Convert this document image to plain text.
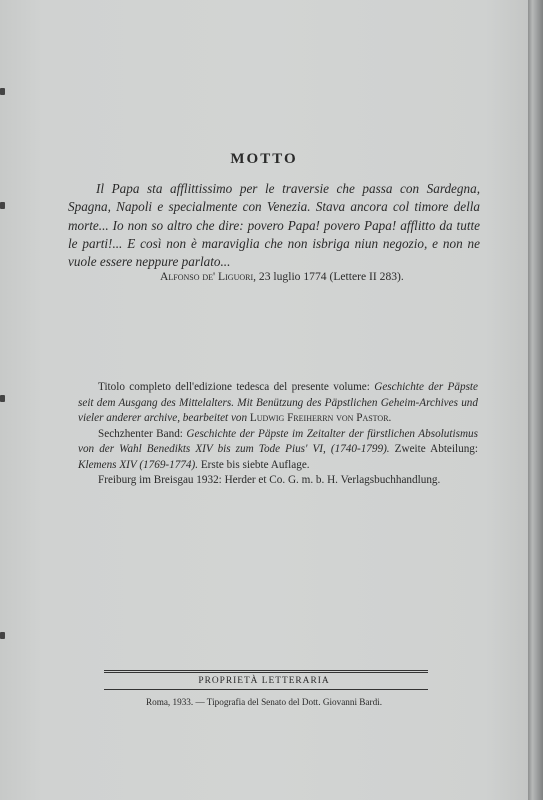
MOTTO

Il Papa sta afflittissimo per le traversie che passa con Sardegna, Spagna, Napoli e specialmente con Venezia. Stava ancora col timore della morte... Io non so altro che dire: povero Papa! povero Papa! afflitto da tutte le parti!... E così non è maraviglia che non isbriga niun negozio, e non ne vuole essere neppure parlato...

Alfonso de' Liguori, 23 luglio 1774 (Lettere II 283).

Titolo completo dell'edizione tedesca del presente volume: Geschichte der Päpste seit dem Ausgang des Mittelalters. Mit Benützung des Päpstlichen Geheim-Archives und vieler anderer archive, bearbeitet von Ludwig Freiherrn von Pastor.

Sechzhenter Band: Geschichte der Päpste im Zeitalter der fürstlichen Absolutismus von der Wahl Benedikts XIV bis zum Tode Pius' VI, (1740-1799). Zweite Abteilung: Klemens XIV (1769-1774). Erste bis siebte Auflage.

Freiburg im Breisgau 1932: Herder et Co. G. m. b. H. Verlagsbuchhandlung.

PROPRIETÀ LETTERARIA

Roma, 1933. — Tipografia del Senato del Dott. Giovanni Bardi.
